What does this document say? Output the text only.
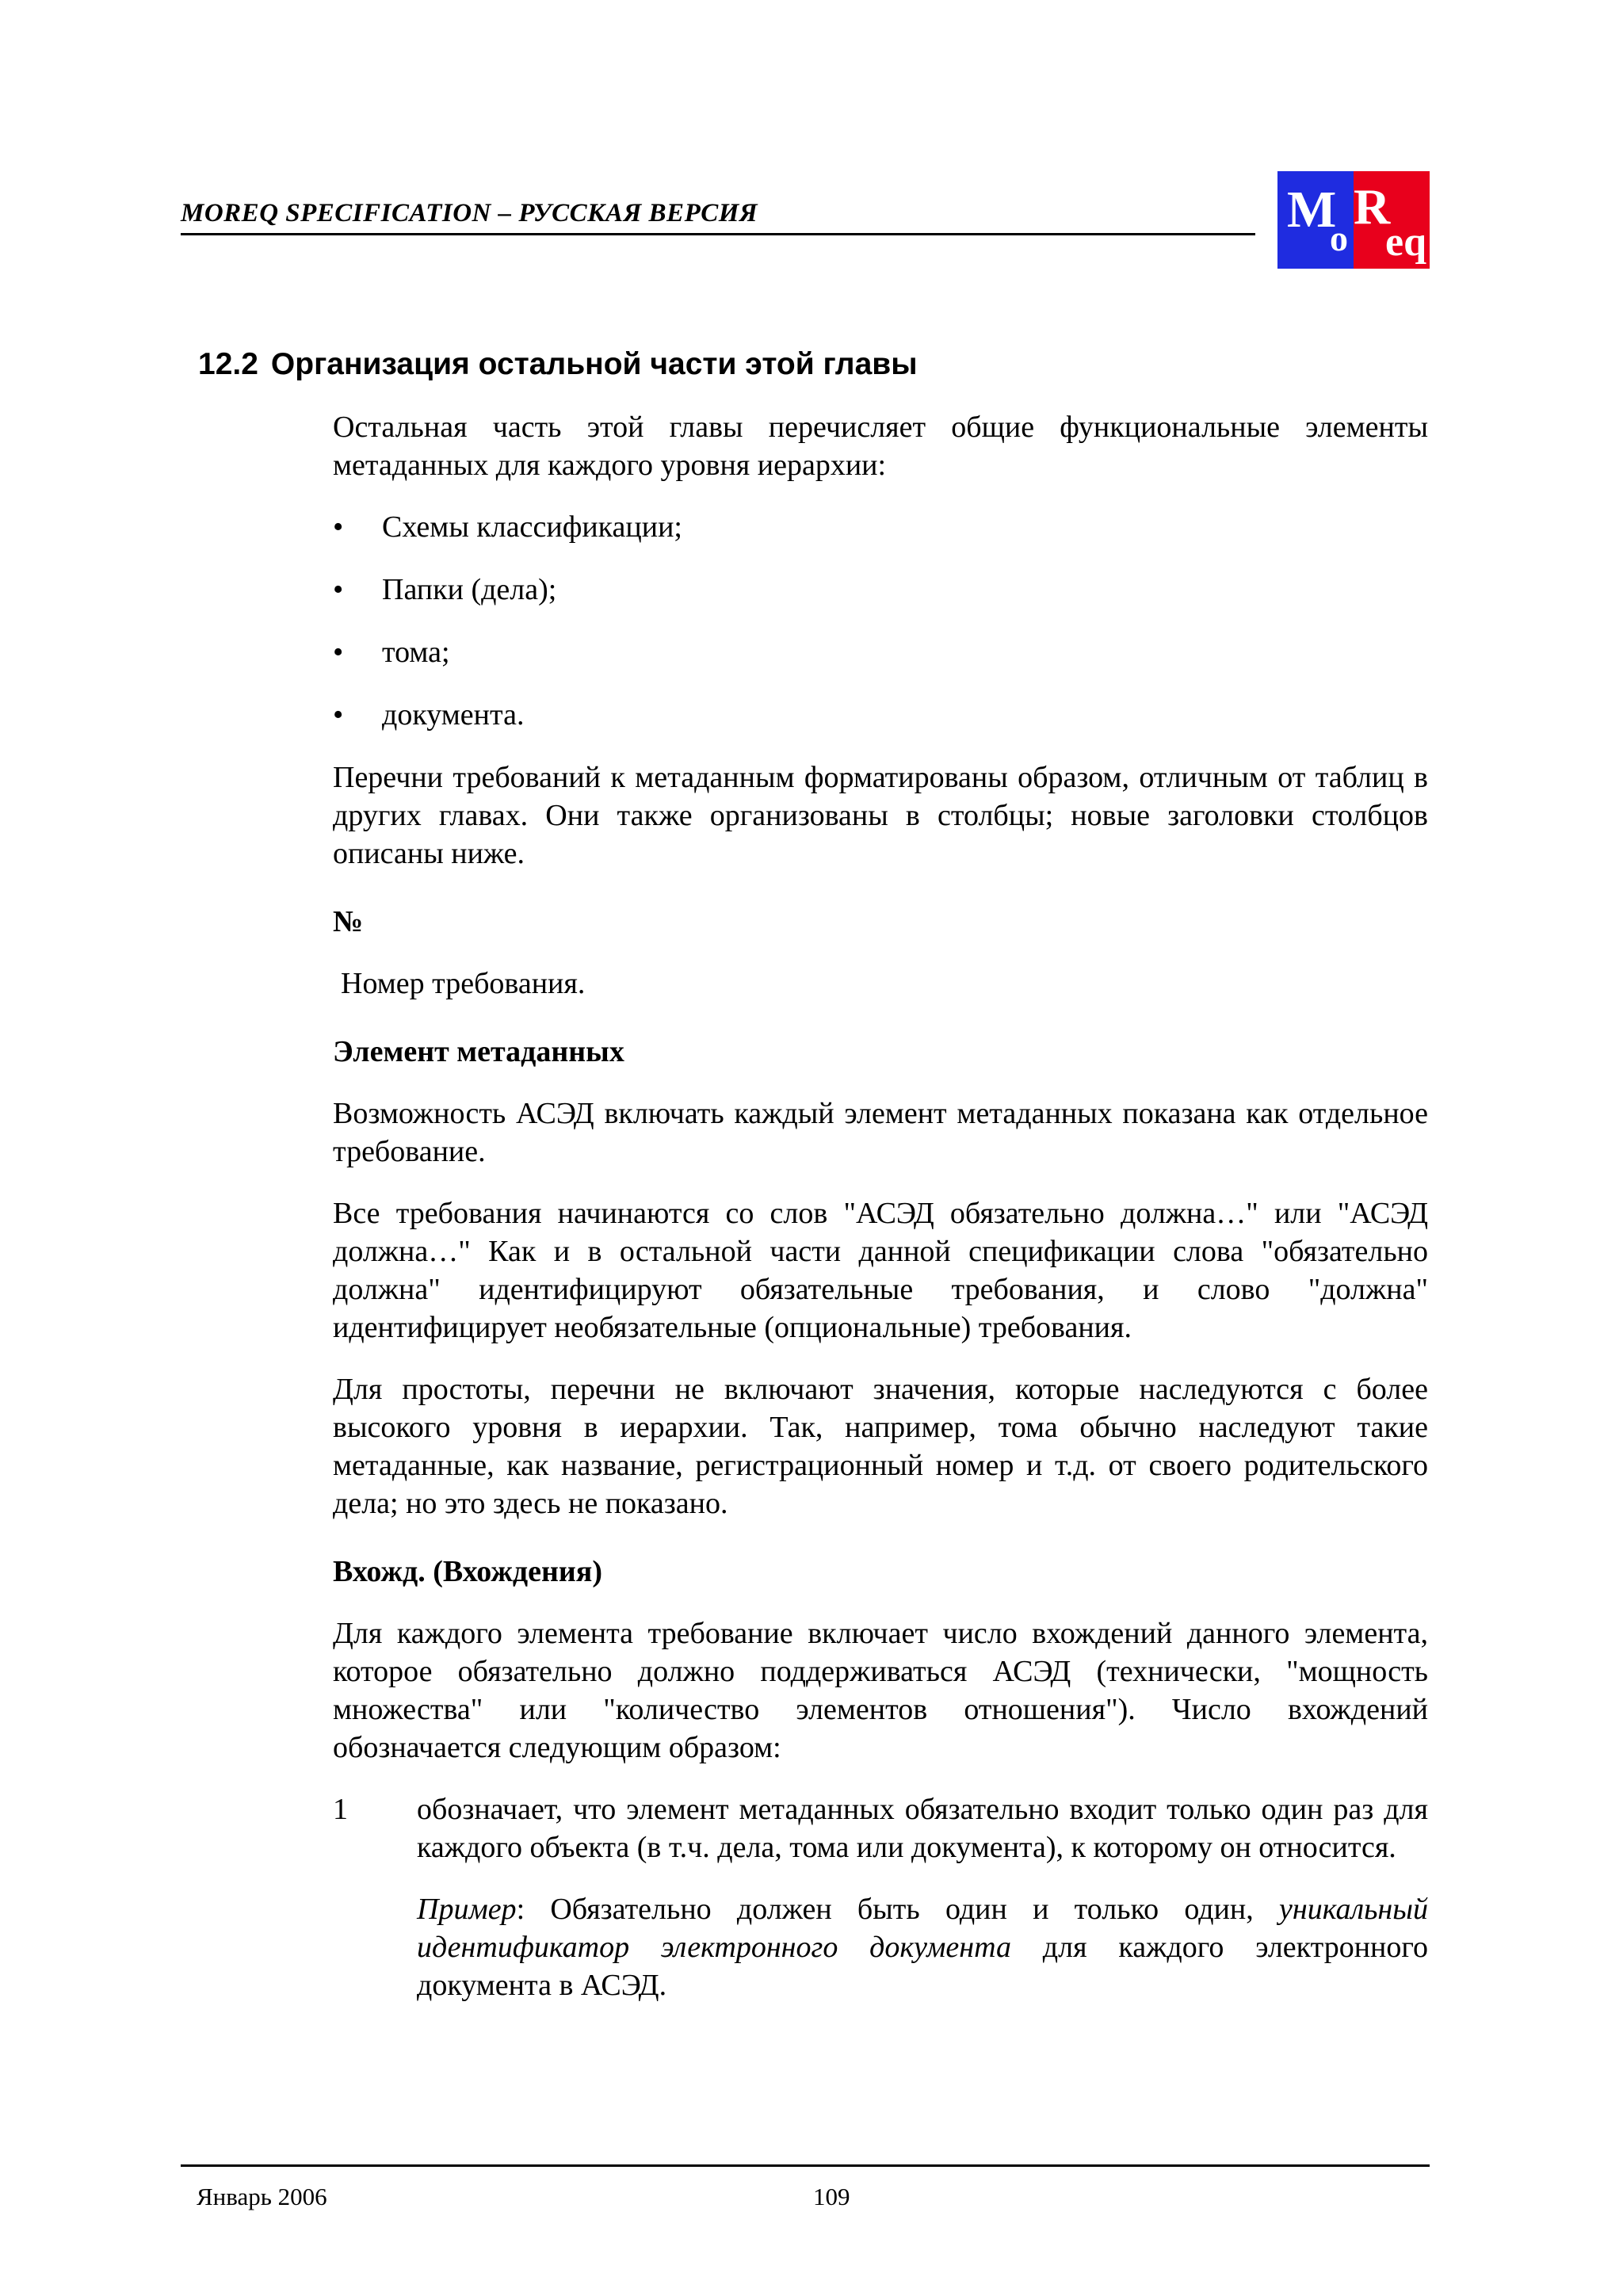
MOREQ SPECIFICATION – РУССКАЯ ВЕРСИЯ	M
o
R
eq
12.2 Организация остальной части этой главы

Остальная часть этой главы перечисляет общие функциональные элементы метаданных для каждого уровня иерархии:

• Схемы классификации;
• Папки (дела);
• тома;
• документа.

Перечни требований к метаданным форматированы образом, отличным от таблиц в других главах. Они также организованы в столбцы; новые заголовки столбцов описаны ниже.

№

Номер требования.

Элемент метаданных

Возможность АСЭД включать каждый элемент метаданных показана как отдельное требование.

Все требования начинаются со слов "АСЭД обязательно должна…" или "АСЭД должна…" Как и в остальной части данной спецификации слова "обязательно должна" идентифицируют обязательные требования, и слово "должна" идентифицирует необязательные (опциональные) требования.

Для простоты, перечни не включают значения, которые наследуются с более высокого уровня в иерархии. Так, например, тома обычно наследуют такие метаданные, как название, регистрационный номер и т.д. от своего родительского дела; но это здесь не показано.

Вхожд. (Вхождения)

Для каждого элемента требование включает число вхождений данного элемента, которое обязательно должно поддерживаться АСЭД (технически, "мощность множества" или "количество элементов отношения"). Число вхождений обозначается следующим образом:

1	обозначает, что элемент метаданных обязательно входит только один раз для каждого объекта (в т.ч. дела, тома или документа), к которому он относится.

Пример: Обязательно должен быть один и только один, уникальный идентификатор электронного документа для каждого электронного документа в АСЭД.

Январь 2006	109
